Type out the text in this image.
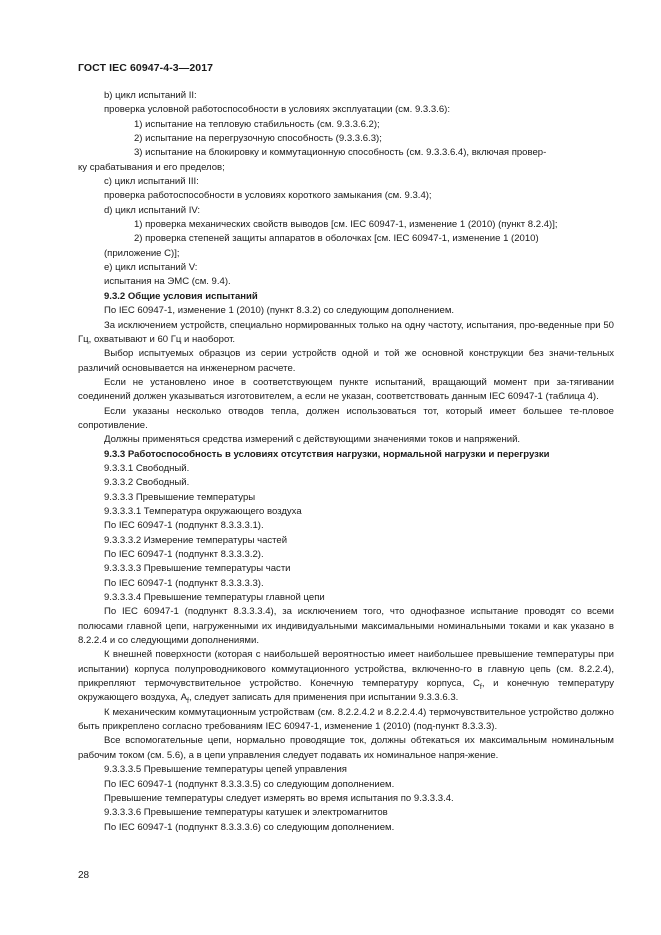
ГОСТ IEC 60947-4-3—2017

b) цикл испытаний II:

проверка условной работоспособности в условиях эксплуатации (см. 9.3.3.6):

1) испытание на тепловую стабильность (см. 9.3.3.6.2);

2) испытание на перегрузочную способность (9.3.3.6.3);

3) испытание на блокировку и коммутационную способность (см. 9.3.3.6.4), включая провер-

ку срабатывания и его пределов;

c) цикл испытаний III:

проверка работоспособности в условиях короткого замыкания (см. 9.3.4);

d) цикл испытаний IV:

1) проверка механических свойств выводов [см. IEC 60947-1, изменение 1 (2010) (пункт 8.2.4)];

2) проверка степеней защиты аппаратов в оболочках [см. IEC 60947-1, изменение 1 (2010)

(приложение C)];

e) цикл испытаний V:

испытания на ЭМС (см. 9.4).

9.3.2 Общие условия испытаний

По IEC 60947-1, изменение 1 (2010) (пункт 8.3.2) со следующим дополнением.

За исключением устройств, специально нормированных только на одну частоту, испытания, про-веденные при 50 Гц, охватывают и 60 Гц и наоборот.

Выбор испытуемых образцов из серии устройств одной и той же основной конструкции без значи-тельных различий основывается на инженерном расчете.

Если не установлено иное в соответствующем пункте испытаний, вращающий момент при за-тягивании соединений должен указываться изготовителем, а если не указан, соответствовать данным IEC 60947-1 (таблица 4).

Если указаны несколько отводов тепла, должен использоваться тот, который имеет большее те-пловое сопротивление.

Должны применяться средства измерений с действующими значениями токов и напряжений.

9.3.3 Работоспособность в условиях отсутствия нагрузки, нормальной нагрузки и перегрузки

9.3.3.1 Свободный.

9.3.3.2 Свободный.

9.3.3.3 Превышение температуры

9.3.3.3.1 Температура окружающего воздуха

По IEC 60947-1 (подпункт 8.3.3.3.1).

9.3.3.3.2 Измерение температуры частей

По IEC 60947-1 (подпункт 8.3.3.3.2).

9.3.3.3.3 Превышение температуры части

По IEC 60947-1 (подпункт 8.3.3.3.3).

9.3.3.3.4 Превышение температуры главной цепи

По IEC 60947-1 (подпункт 8.3.3.3.4), за исключением того, что однофазное испытание проводят со всеми полюсами главной цепи, нагруженными их индивидуальными максимальными номинальными токами и как указано в 8.2.2.4 и со следующими дополнениями.

К внешней поверхности (которая с наибольшей вероятностью имеет наибольшее превышение температуры при испытании) корпуса полупроводникового коммутационного устройства, включенно-го в главную цепь (см. 8.2.2.4), прикрепляют термочувствительное устройство. Конечную температуру корпуса, $C_f$, и конечную температуру окружающего воздуха, $A_f$, следует записать для применения при испытании 9.3.3.6.3.

К механическим коммутационным устройствам (см. 8.2.2.4.2 и 8.2.2.4.4) термочувствительное устройство должно быть прикреплено согласно требованиям IEC 60947-1, изменение 1 (2010) (под-пункт 8.3.3.3).

Все вспомогательные цепи, нормально проводящие ток, должны обтекаться их максимальным номинальным рабочим током (см. 5.6), а в цепи управления следует подавать их номинальное напря-жение.

9.3.3.3.5 Превышение температуры цепей управления

По IEC 60947-1 (подпункт 8.3.3.3.5) со следующим дополнением.

Превышение температуры следует измерять во время испытания по 9.3.3.3.4.

9.3.3.3.6 Превышение температуры катушек и электромагнитов

По IEC 60947-1 (подпункт 8.3.3.3.6) со следующим дополнением.

28
